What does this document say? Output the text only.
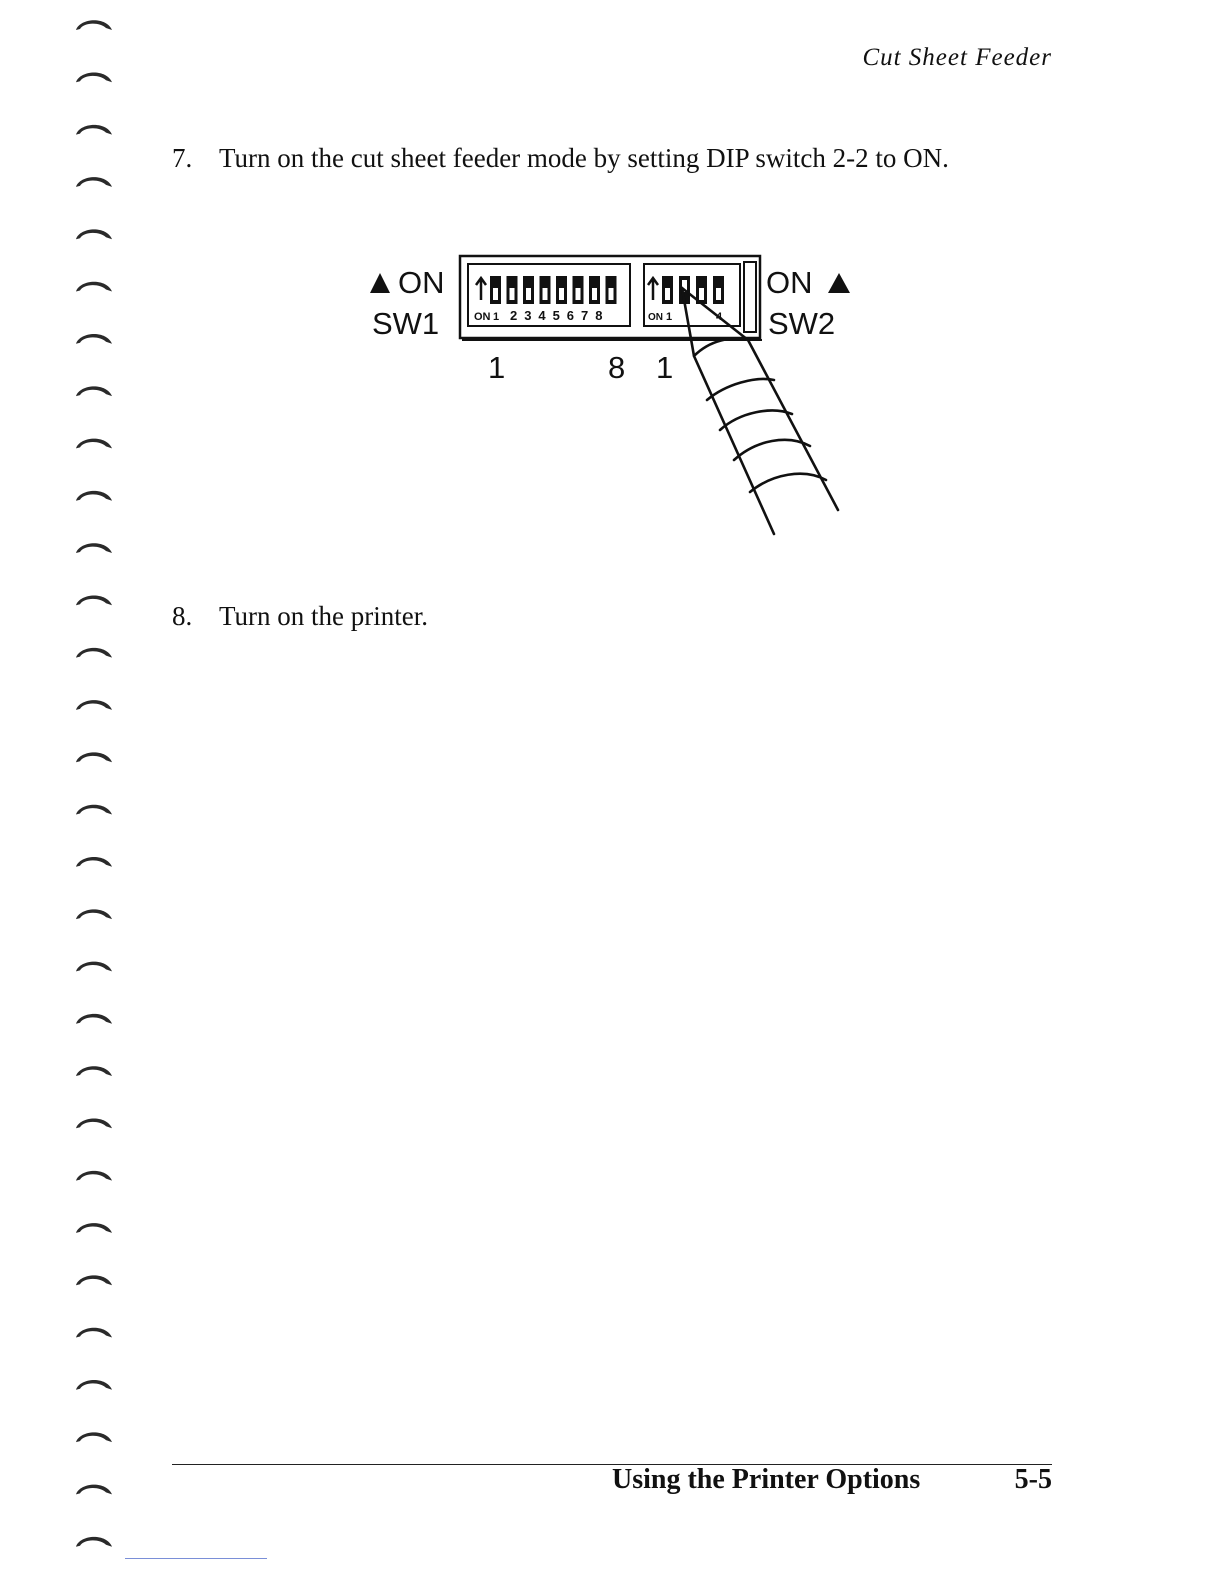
Cut Sheet Feeder
7. Turn on the cut sheet feeder mode by setting DIP switch 2-2 to ON.
ON
SW1	ON 1 2 3 4 5 6 7 8	ON 1	4
ON
SW2
1	8 1
8. Turn on the printer.
Using the Printer Options	5-5
